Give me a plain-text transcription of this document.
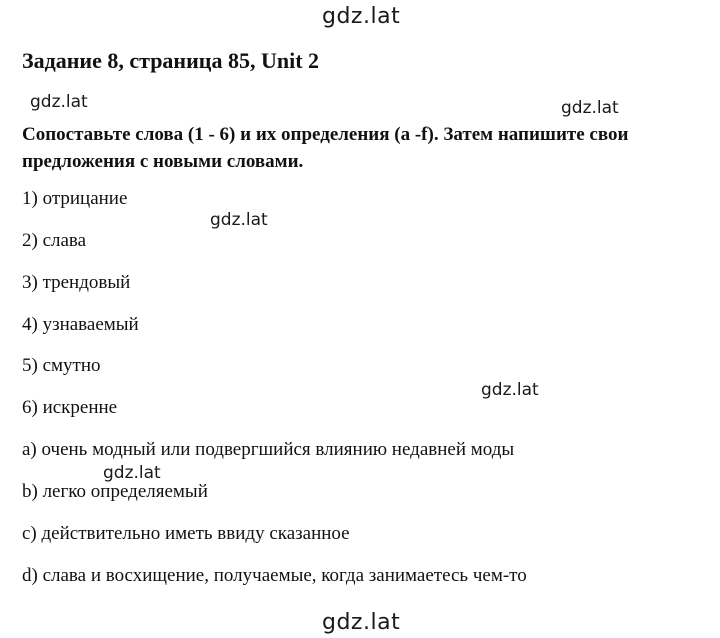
gdz.lat
gdz.lat	gdz.lat
gdz.lat
gdz.lat
gdz.lat
gdz.lat
Задание 8, страница 85, Unit 2
Сопоставьте слова (1 - 6) и их определения (а -f). Затем напишите свои предложения с новыми словами.
1) отрицание
2) слава
3) трендовый
4) узнаваемый
5) смутно
6) искренне
a) очень модный или подвергшийся влиянию недавней моды
b) легко определяемый
c) действительно иметь ввиду сказанное
d) слава и восхищение, получаемые, когда занимаетесь чем-то
